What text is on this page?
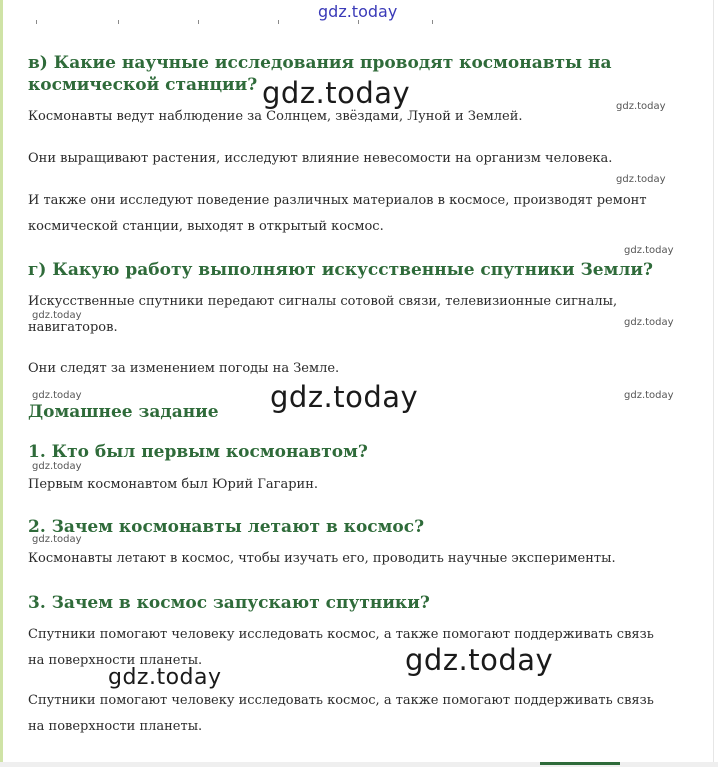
gdz.today
в) Какие научные исследования проводят космонавты на
космической станции?

Космонавты ведут наблюдение за Солнцем, звёздами, Луной и Землей.

Они выращивают растения, исследуют влияние невесомости на организм человека.

И также они исследуют поведение различных материалов в космосе, производят ремонт

космической станции, выходят в открытый космос.

г) Какую работу выполняют искусственные спутники Земли?

Искусственные спутники передают сигналы сотовой связи, телевизионные сигналы,

навигаторов.

Они следят за изменением погоды на Земле.

Домашнее задание
1. Кто был первым космонавтом?

Первым космонавтом был Юрий Гагарин.

2. Зачем космонавты летают в космос?

Космонавты летают в космос, чтобы изучать его, проводить научные эксперименты.

3. Зачем в космос запускают спутники?

Спутники помогают человеку исследовать космос, а также помогают поддерживать связь

на поверхности планеты.

Спутники помогают человеку исследовать космос, а также помогают поддерживать связь

на поверхности планеты.

gdz.today
gdz.today
gdz.today
gdz.today
gdz.today
gdz.today
gdz.today
gdz.today
gdz.today
gdz.today	gdz.today
gdz.today
gdz.today
